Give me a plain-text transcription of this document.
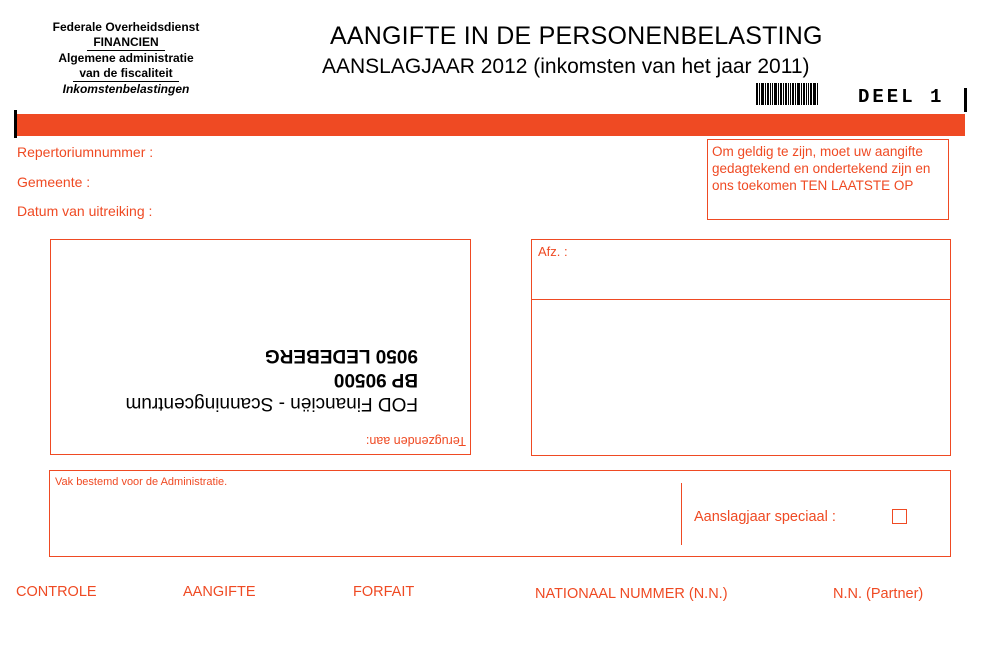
Federale Overheidsdienst
FINANCIEN
Algemene administratie
van de fiscaliteit
Inkomstenbelastingen
AANGIFTE IN DE PERSONENBELASTING
AANSLAGJAAR 2012 (inkomsten van het jaar 2011)
DEEL 1
Repertoriumnummer :
Gemeente :
Datum van uitreiking :
Om geldig te zijn, moet uw aangifte
gedagtekend en ondertekend zijn en
ons toekomen TEN LAATSTE OP
Terugzenden aan:
FOD Financiën - Scanningcentrum
BP 90500
9050 LEDEBERG
Afz. :
Vak bestemd voor de Administratie.
Aanslagjaar speciaal :
CONTROLE	AANGIFTE	FORFAIT	NATIONAAL NUMMER (N.N.)	N.N. (Partner)
